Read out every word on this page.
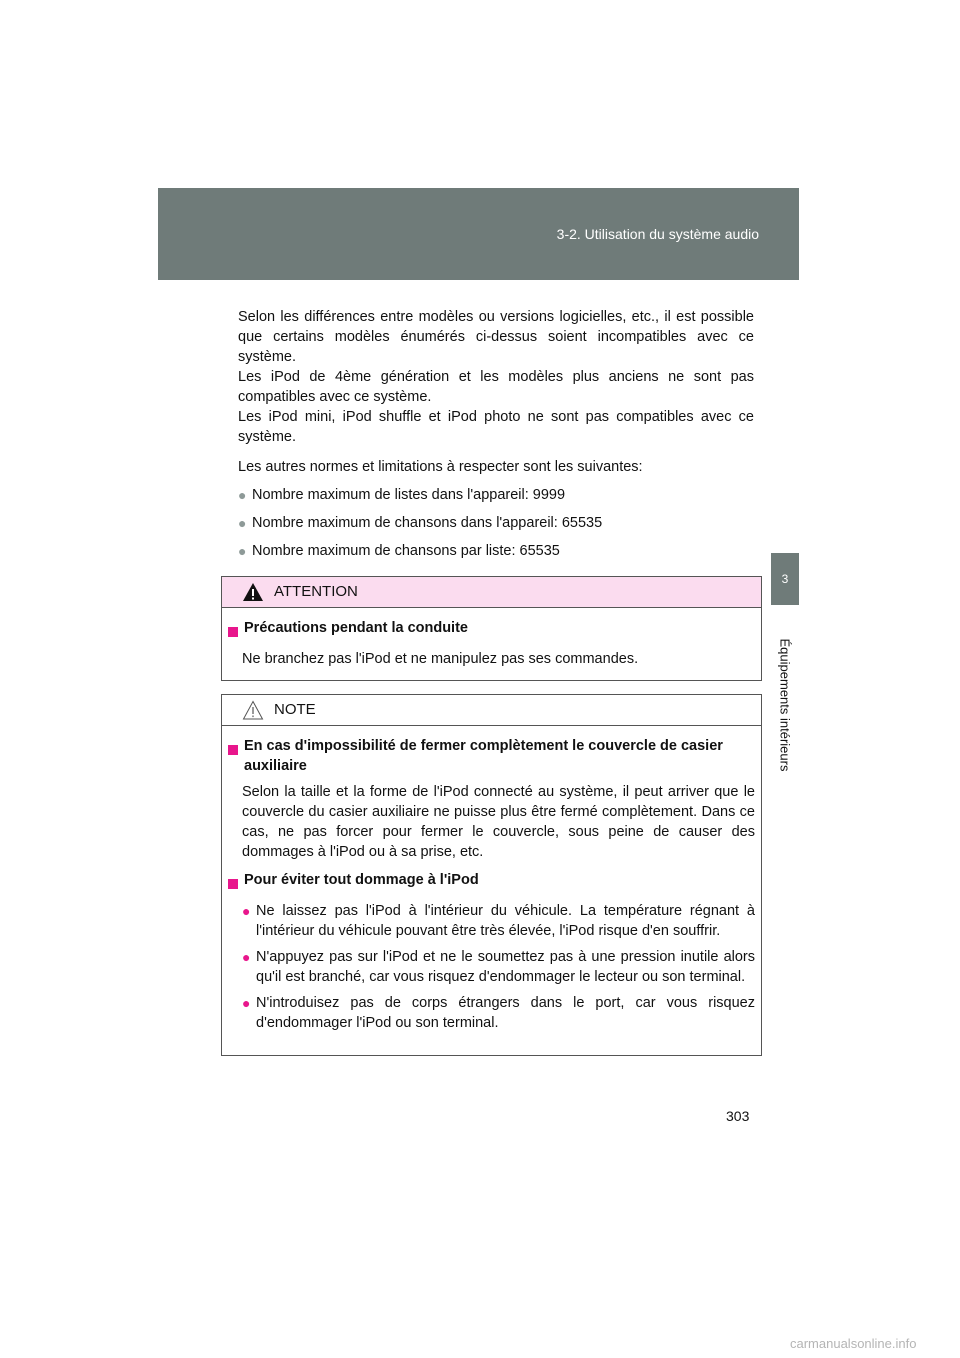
3-2. Utilisation du système audio
3
Équipements intérieurs

Selon les différences entre modèles ou versions logicielles, etc., il est possible que certains modèles énumérés ci-dessus soient incompatibles avec ce système.

Les iPod de 4ème génération et les modèles plus anciens ne sont pas compatibles avec ce système.

Les iPod mini, iPod shuffle et iPod photo ne sont pas compatibles avec ce système.

Les autres normes et limitations à respecter sont les suivantes:

● Nombre maximum de listes dans l'appareil: 9999
● Nombre maximum de chansons dans l'appareil: 65535
● Nombre maximum de chansons par liste: 65535
ATTENTION
Précautions pendant la conduite
Ne branchez pas l'iPod et ne manipulez pas ses commandes.
NOTE
En cas d'impossibilité de fermer complètement le couvercle de casier auxiliaire
Selon la taille et la forme de l'iPod connecté au système, il peut arriver que le couvercle du casier auxiliaire ne puisse plus être fermé complètement. Dans ce cas, ne pas forcer pour fermer le couvercle, sous peine de causer des dommages à l'iPod ou à sa prise, etc.
Pour éviter tout dommage à l'iPod
● Ne laissez pas l'iPod à l'intérieur du véhicule. La température régnant à l'intérieur du véhicule pouvant être très élevée, l'iPod risque d'en souffrir.
● N'appuyez pas sur l'iPod et ne le soumettez pas à une pression inutile alors qu'il est branché, car vous risquez d'endommager le lecteur ou son terminal.
● N'introduisez pas de corps étrangers dans le port, car vous risquez d'endommager l'iPod ou son terminal.
303
carmanualsonline.info
